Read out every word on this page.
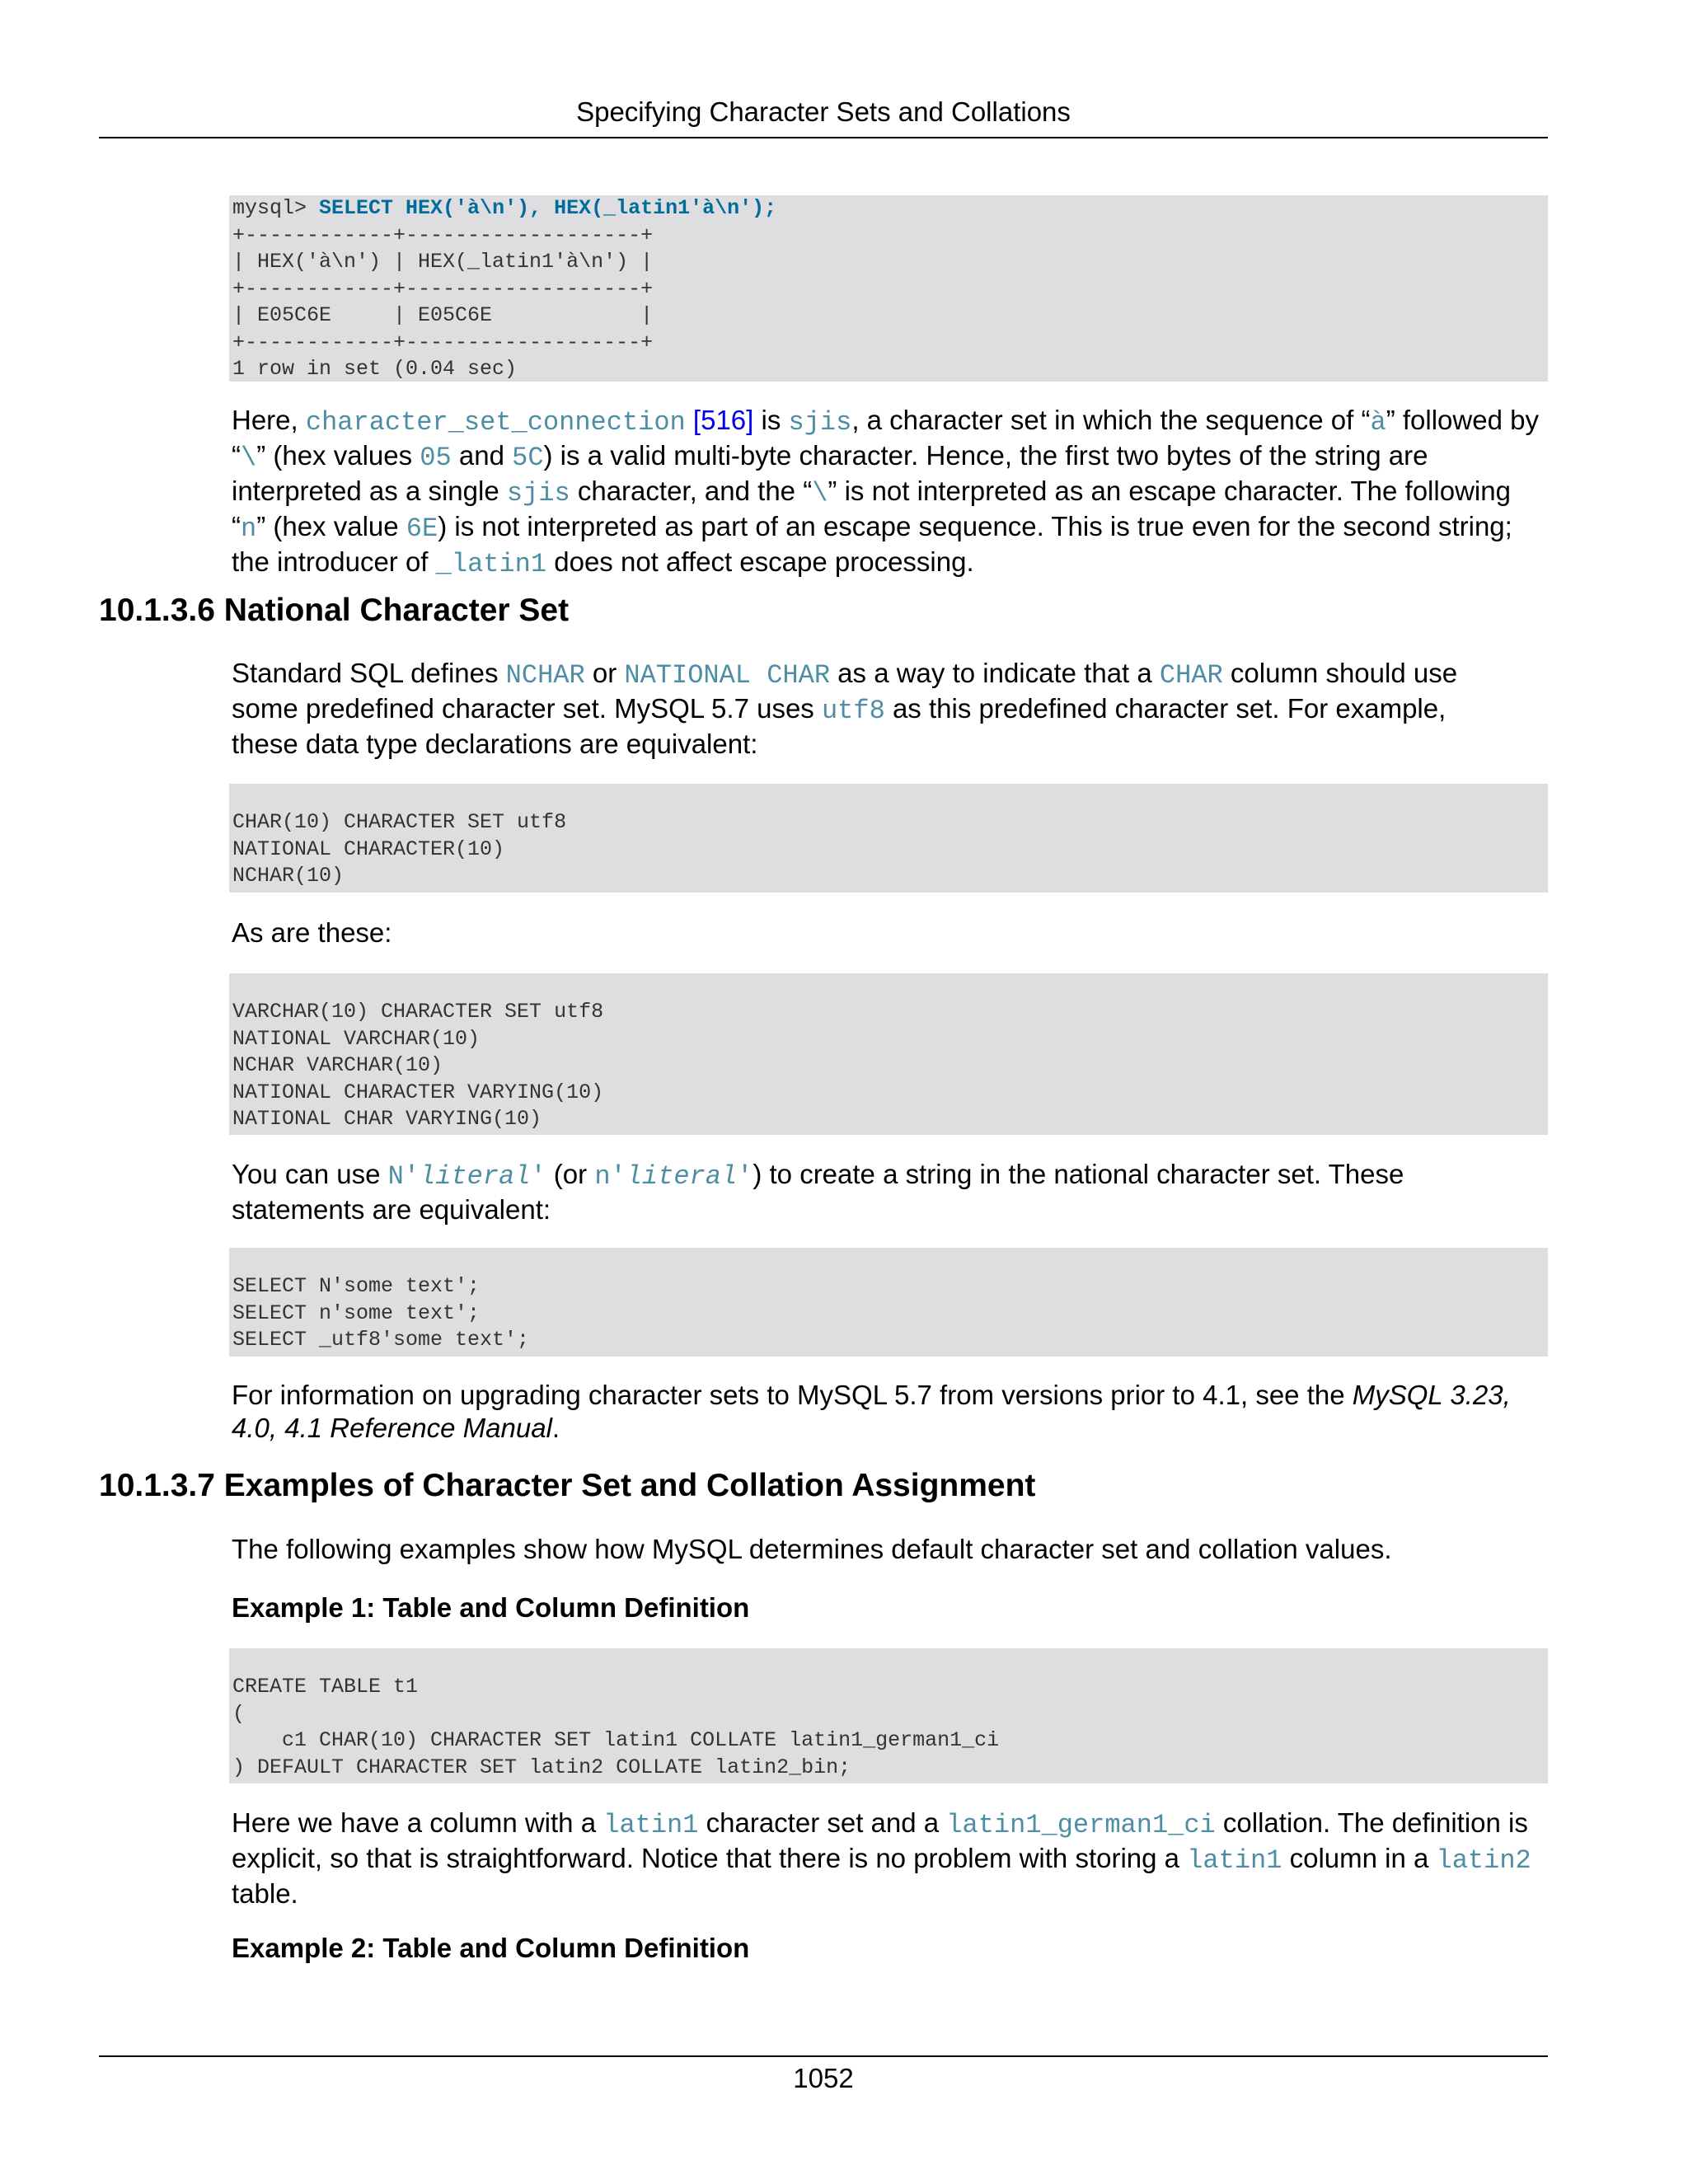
Specifying Character Sets and Collations
mysql> SELECT HEX('à\n'), HEX(_latin1'à\n');
+------------+-------------------+
| HEX('à\n') | HEX(_latin1'à\n') |
+------------+-------------------+
| E05C6E     | E05C6E            |
+------------+-------------------+
1 row in set (0.04 sec)

Here, character_set_connection [516] is sjis, a character set in which the sequence of “à” followed by “\” (hex values 05 and 5C) is a valid multi-byte character. Hence, the first two bytes of the string are interpreted as a single sjis character, and the “\” is not interpreted as an escape character. The following “n” (hex value 6E) is not interpreted as part of an escape sequence. This is true even for the second string; the introducer of _latin1 does not affect escape processing.

10.1.3.6 National Character Set

Standard SQL defines NCHAR or NATIONAL CHAR as a way to indicate that a CHAR column should use some predefined character set. MySQL 5.7 uses utf8 as this predefined character set. For example, these data type declarations are equivalent:

CHAR(10) CHARACTER SET utf8
NATIONAL CHARACTER(10)
NCHAR(10)

As are these:

VARCHAR(10) CHARACTER SET utf8
NATIONAL VARCHAR(10)
NCHAR VARCHAR(10)
NATIONAL CHARACTER VARYING(10)
NATIONAL CHAR VARYING(10)

You can use N'literal' (or n'literal') to create a string in the national character set. These statements are equivalent:

SELECT N'some text';
SELECT n'some text';
SELECT _utf8'some text';

For information on upgrading character sets to MySQL 5.7 from versions prior to 4.1, see the MySQL 3.23, 4.0, 4.1 Reference Manual.

10.1.3.7 Examples of Character Set and Collation Assignment

The following examples show how MySQL determines default character set and collation values.

Example 1: Table and Column Definition
CREATE TABLE t1
(
c1 CHAR(10) CHARACTER SET latin1 COLLATE latin1_german1_ci
) DEFAULT CHARACTER SET latin2 COLLATE latin2_bin;

Here we have a column with a latin1 character set and a latin1_german1_ci collation. The definition is explicit, so that is straightforward. Notice that there is no problem with storing a latin1 column in a latin2 table.

Example 2: Table and Column Definition
1052
